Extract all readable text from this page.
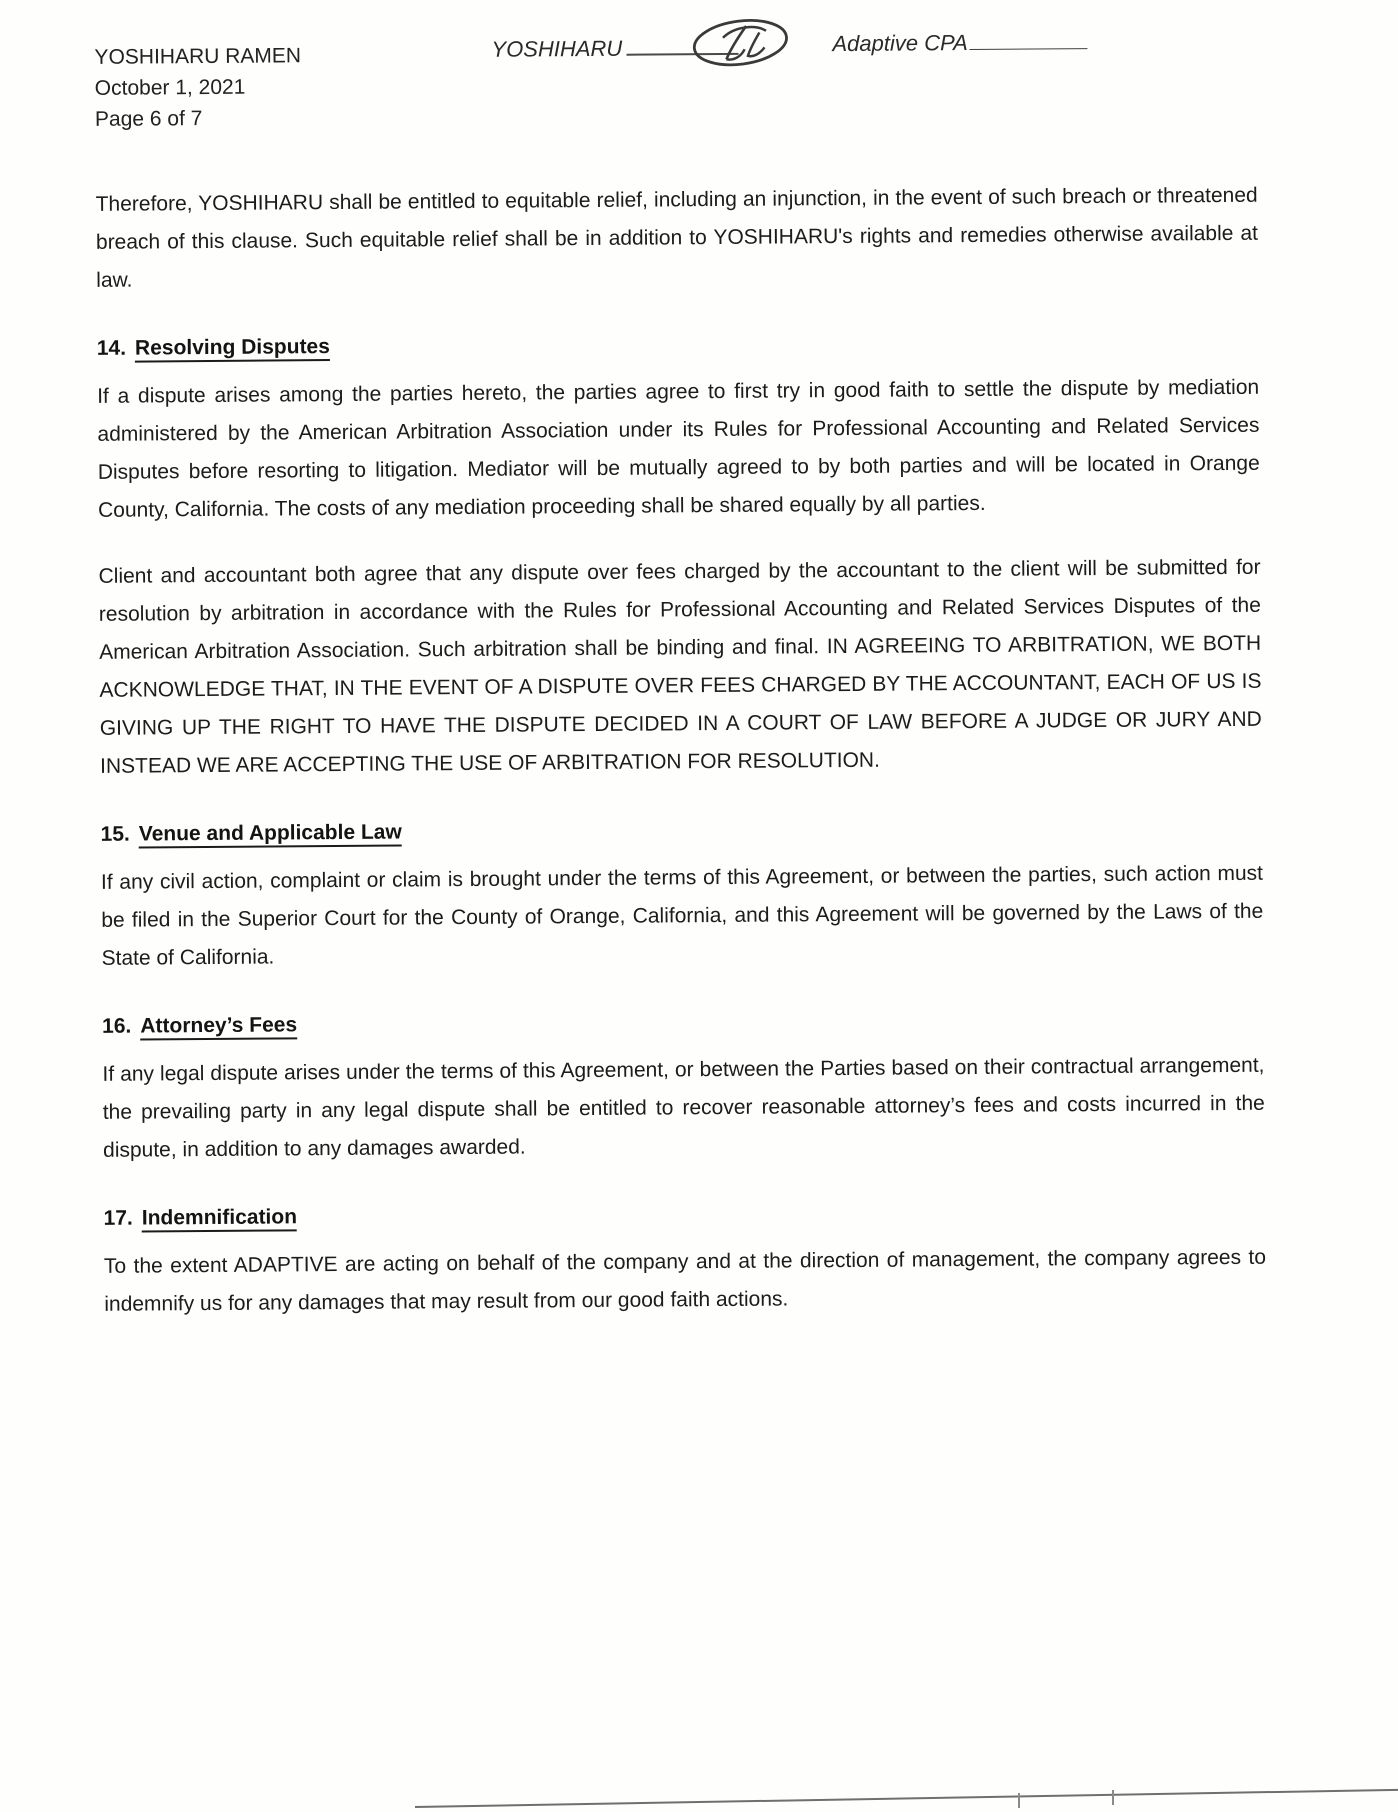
YOSHIHARU RAMEN
October 1, 2021
Page 6 of 7
YOSHIHARU	Adaptive CPA

Therefore, YOSHIHARU shall be entitled to equitable relief, including an injunction, in the event of such breach or threatened breach of this clause. Such equitable relief shall be in addition to YOSHIHARU's rights and remedies otherwise available at law.

14. Resolving Disputes

If a dispute arises among the parties hereto, the parties agree to first try in good faith to settle the dispute by mediation administered by the American Arbitration Association under its Rules for Professional Accounting and Related Services Disputes before resorting to litigation. Mediator will be mutually agreed to by both parties and will be located in Orange County, California. The costs of any mediation proceeding shall be shared equally by all parties.

Client and accountant both agree that any dispute over fees charged by the accountant to the client will be submitted for resolution by arbitration in accordance with the Rules for Professional Accounting and Related Services Disputes of the American Arbitration Association. Such arbitration shall be binding and final. IN AGREEING TO ARBITRATION, WE BOTH ACKNOWLEDGE THAT, IN THE EVENT OF A DISPUTE OVER FEES CHARGED BY THE ACCOUNTANT, EACH OF US IS GIVING UP THE RIGHT TO HAVE THE DISPUTE DECIDED IN A COURT OF LAW BEFORE A JUDGE OR JURY AND INSTEAD WE ARE ACCEPTING THE USE OF ARBITRATION FOR RESOLUTION.

15. Venue and Applicable Law

If any civil action, complaint or claim is brought under the terms of this Agreement, or between the parties, such action must be filed in the Superior Court for the County of Orange, California, and this Agreement will be governed by the Laws of the State of California.

16. Attorney’s Fees

If any legal dispute arises under the terms of this Agreement, or between the Parties based on their contractual arrangement, the prevailing party in any legal dispute shall be entitled to recover reasonable attorney’s fees and costs incurred in the dispute, in addition to any damages awarded.

17. Indemnification

To the extent ADAPTIVE are acting on behalf of the company and at the direction of management, the company agrees to indemnify us for any damages that may result from our good faith actions.
